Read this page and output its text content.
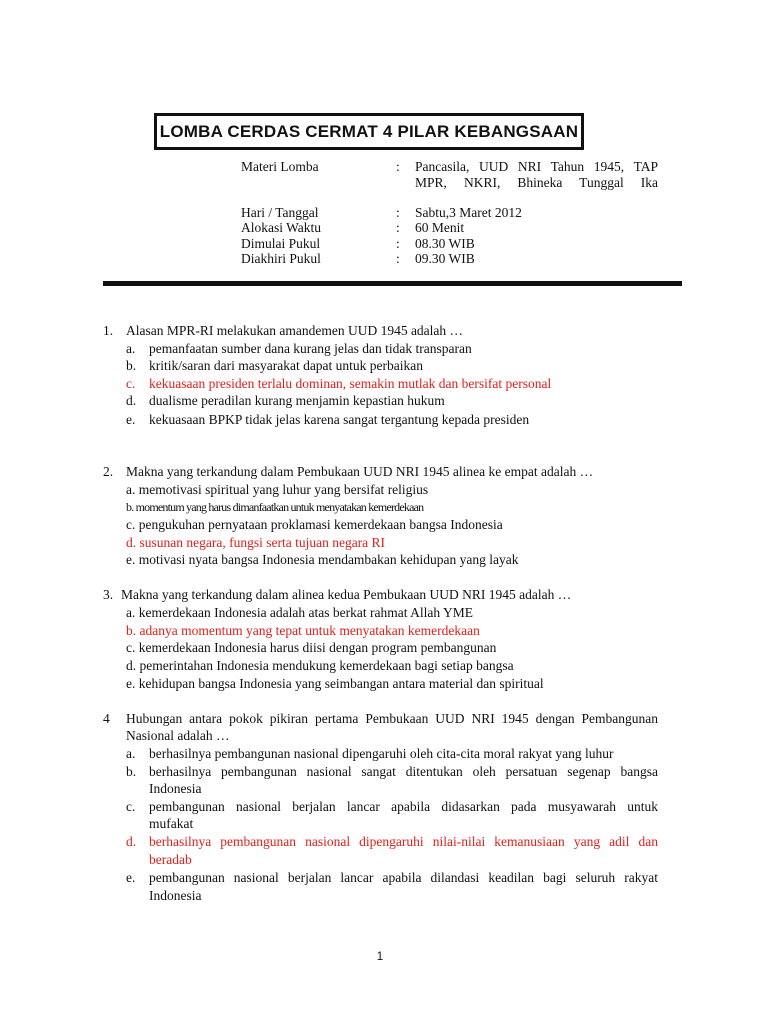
LOMBA CERDAS CERMAT 4 PILAR KEBANGSAAN
Materi Lomba	: Pancasila, UUD NRI Tahun 1945, TAP
MPR, NKRI, Bhineka Tunggal Ika
Hari / Tanggal	: Sabtu,3 Maret 2012
Alokasi Waktu	: 60 Menit
Dimulai Pukul	: 08.30 WIB
Diakhiri Pukul	: 09.30 WIB
1. Alasan MPR-RI melakukan amandemen UUD 1945 adalah …
a. pemanfaatan sumber dana kurang jelas dan tidak transparan
b. kritik/saran dari masyarakat dapat untuk perbaikan
c. kekuasaan presiden terlalu dominan, semakin mutlak dan bersifat personal
d. dualisme peradilan kurang menjamin kepastian hukum
e. kekuasaan BPKP tidak jelas karena sangat tergantung kepada presiden
2. Makna yang terkandung dalam Pembukaan UUD NRI 1945 alinea ke empat adalah …
a. memotivasi spiritual yang luhur yang bersifat religius
b. momentum yang harus dimanfaatkan untuk menyatakan kemerdekaan
c. pengukuhan pernyataan proklamasi kemerdekaan bangsa Indonesia
d. susunan negara, fungsi serta tujuan negara RI
e. motivasi nyata bangsa Indonesia mendambakan kehidupan yang layak
3. Makna yang terkandung dalam alinea kedua Pembukaan UUD NRI 1945 adalah …
a. kemerdekaan Indonesia adalah atas berkat rahmat Allah YME
b. adanya momentum yang tepat untuk menyatakan kemerdekaan
c. kemerdekaan Indonesia harus diisi dengan program pembangunan
d. pemerintahan Indonesia mendukung kemerdekaan bagi setiap bangsa
e. kehidupan bangsa Indonesia yang seimbangan antara material dan spiritual
4 Hubungan antara pokok pikiran pertama Pembukaan UUD NRI 1945 dengan Pembangunan
Nasional adalah …
a. berhasilnya pembangunan nasional dipengaruhi oleh cita-cita moral rakyat yang luhur
b. berhasilnya pembangunan nasional sangat ditentukan oleh persatuan segenap bangsa
Indonesia
c. pembangunan nasional berjalan lancar apabila didasarkan pada musyawarah untuk
mufakat
d. berhasilnya pembangunan nasional dipengaruhi nilai-nilai kemanusiaan yang adil dan
beradab
e. pembangunan nasional berjalan lancar apabila dilandasi keadilan bagi seluruh rakyat
Indonesia
1
